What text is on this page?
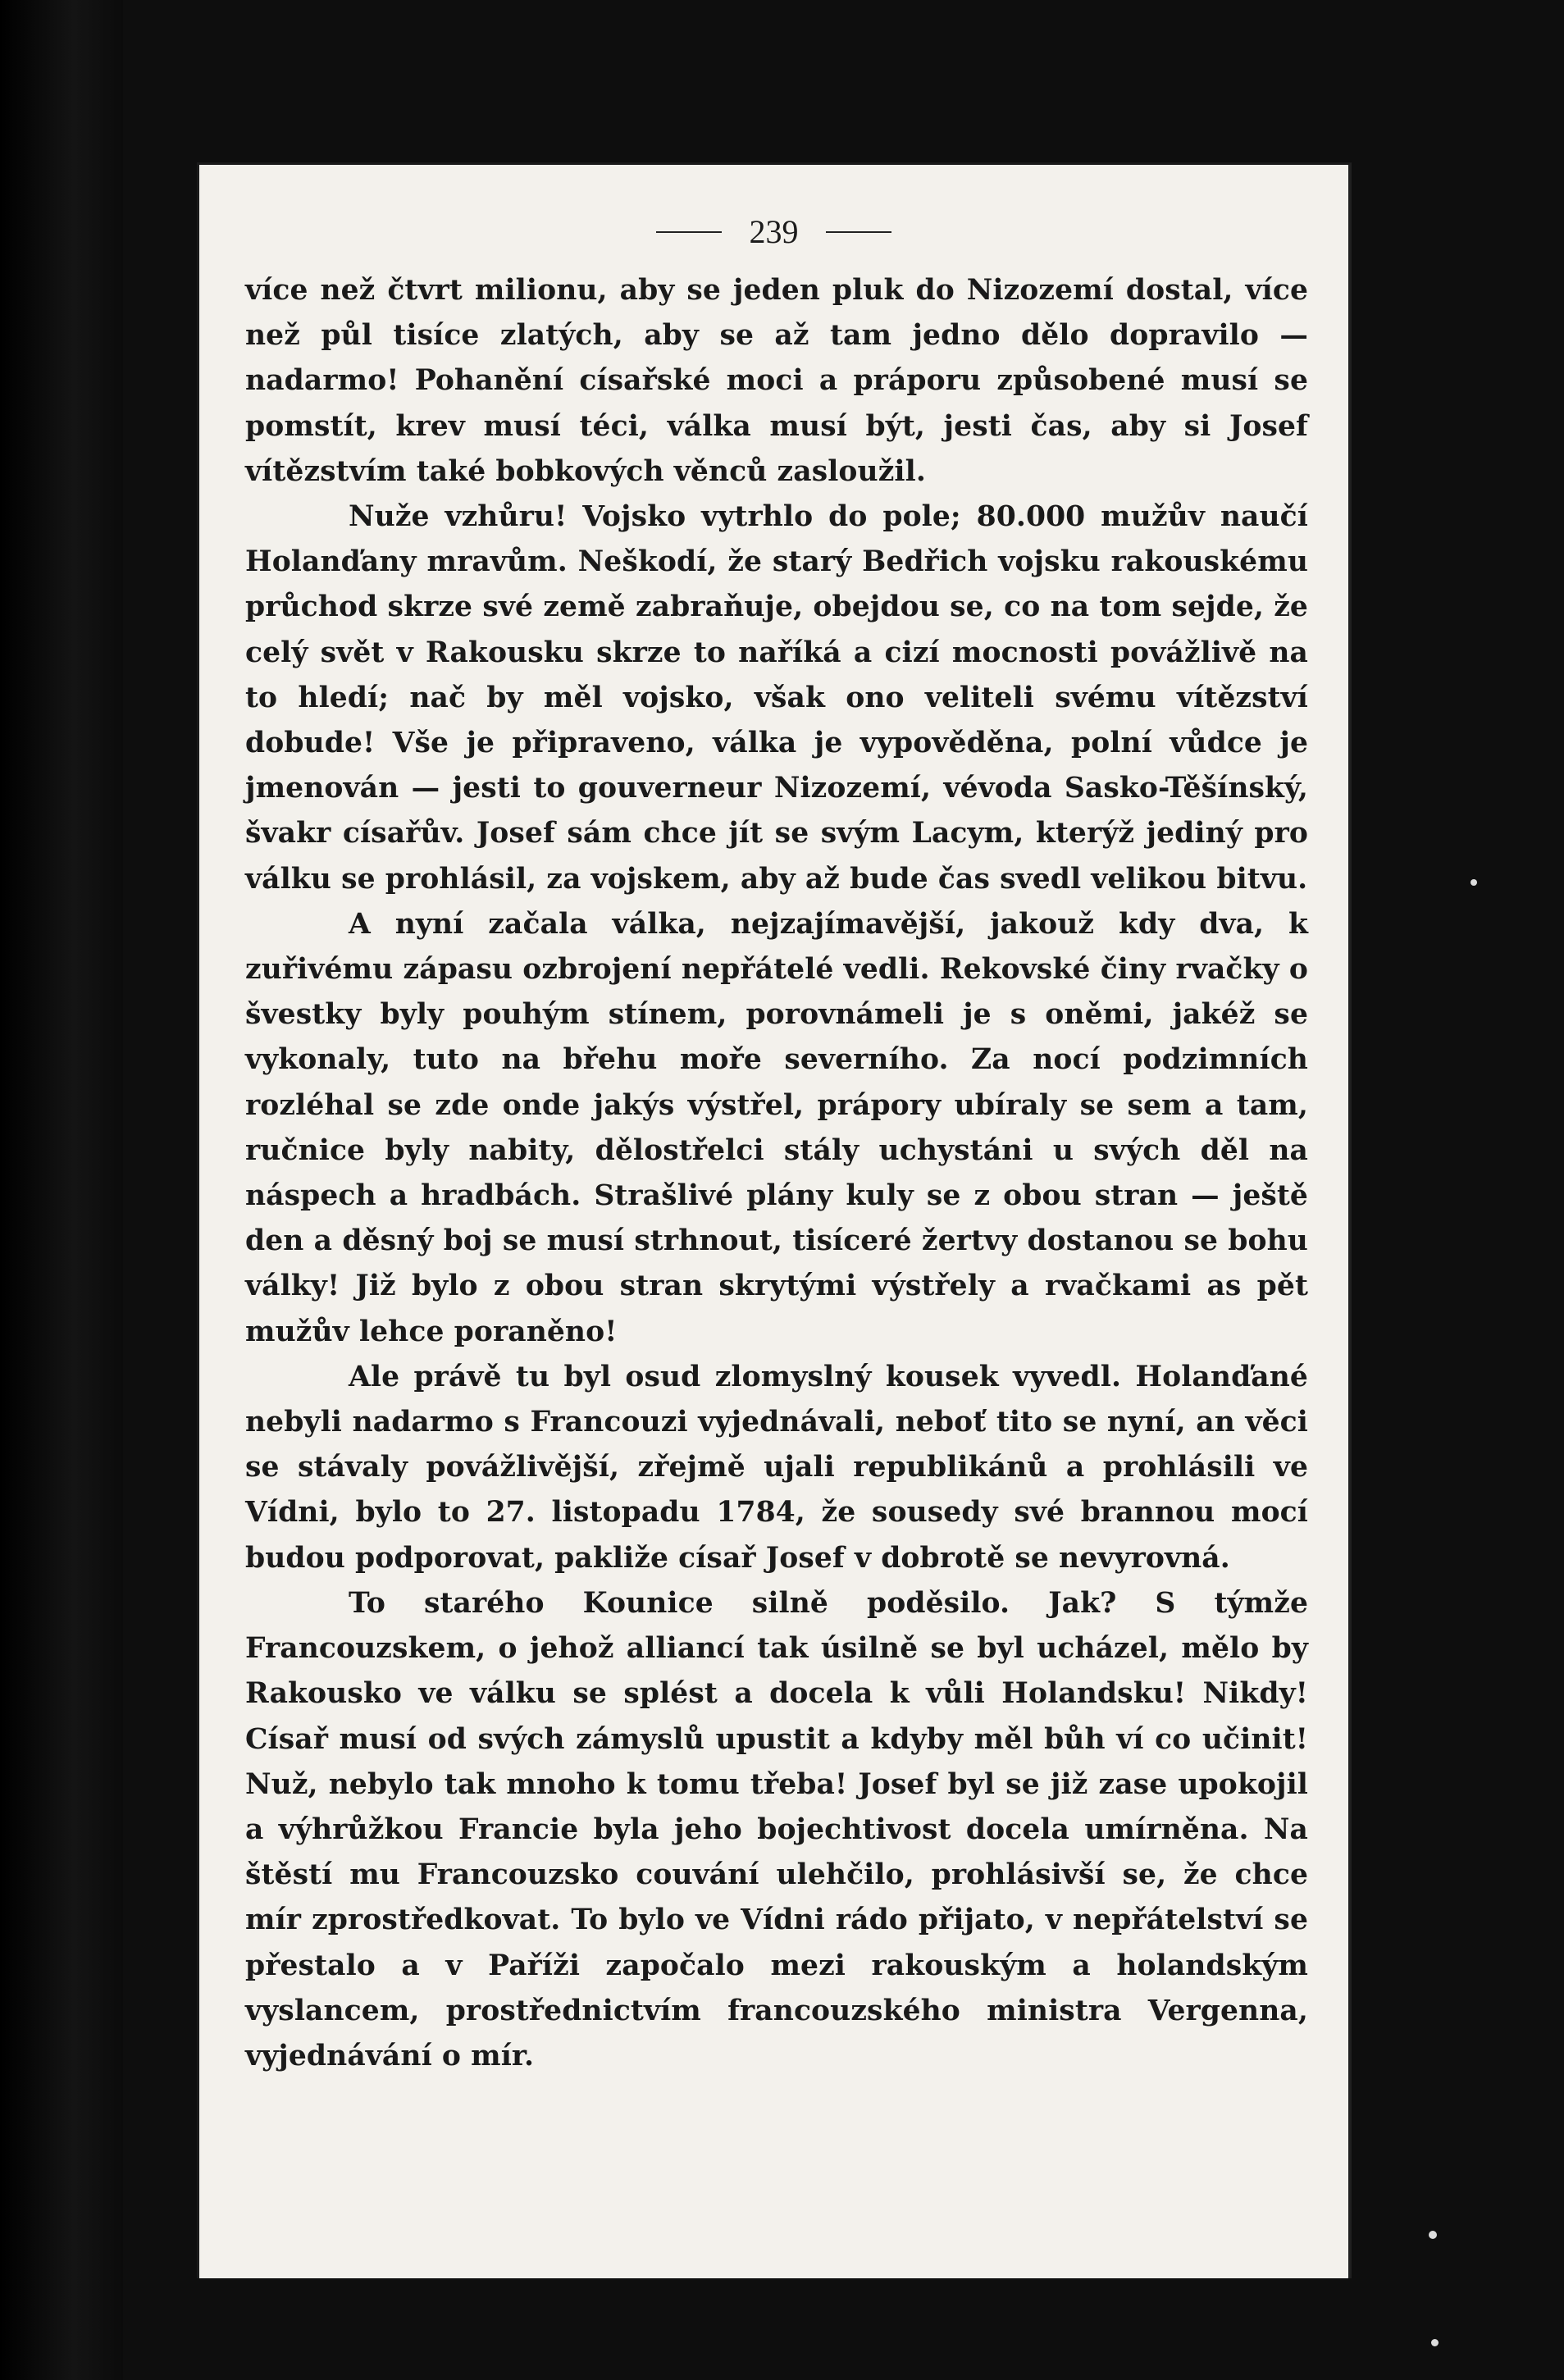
239

více než čtvrt milionu, aby se jeden pluk do Nizozemí dostal, více než půl tisíce zlatých, aby se až tam jedno dělo dopravilo — nadarmo! Pohanění císařské moci a práporu způsobené musí se pomstít, krev musí téci, válka musí být, jesti čas, aby si Josef vítězstvím také bobkových věnců zasloužil.

Nuže vzhůru! Vojsko vytrhlo do pole; 80.000 mužův naučí Holanďany mravům. Neškodí, že starý Bedřich vojsku rakouskému průchod skrze své země zabraňuje, obejdou se, co na tom sejde, že celý svět v Rakousku skrze to naříká a cizí mocnosti povážlivě na to hledí; nač by měl vojsko, však ono veliteli svému vítězství dobude! Vše je připraveno, válka je vypověděna, polní vůdce je jmenován — jesti to gouverneur Nizozemí, vévoda Sasko-Těšínský, švakr císařův. Josef sám chce jít se svým Lacym, kterýž jediný pro válku se prohlásil, za vojskem, aby až bude čas svedl velikou bitvu.

A nyní začala válka, nejzajímavější, jakouž kdy dva, k zuřivému zápasu ozbrojení nepřátelé vedli. Rekovské činy rvačky o švestky byly pouhým stínem, porovnámeli je s oněmi, jakéž se vykonaly, tuto na břehu moře severního. Za nocí podzimních rozléhal se zde onde jakýs výstřel, prápory ubíraly se sem a tam, ručnice byly nabity, dělostřelci stály uchystáni u svých děl na náspech a hradbách. Strašlivé plány kuly se z obou stran — ještě den a děsný boj se musí strhnout, tisíceré žertvy dostanou se bohu války! Již bylo z obou stran skrytými výstřely a rvačkami as pět mužův lehce poraněno!

Ale právě tu byl osud zlomyslný kousek vyvedl. Holanďané nebyli nadarmo s Francouzi vyjednávali, neboť tito se nyní, an věci se stávaly povážlivější, zřejmě ujali republikánů a prohlásili ve Vídni, bylo to 27. listopadu 1784, že sousedy své brannou mocí budou podporovat, pakliže císař Josef v dobrotě se nevyrovná.

To starého Kounice silně poděsilo. Jak? S týmže Francouzskem, o jehož alliancí tak úsilně se byl ucházel, mělo by Rakousko ve válku se splést a docela k vůli Holandsku! Nikdy! Císař musí od svých zámyslů upustit a kdyby měl bůh ví co učinit! Nuž, nebylo tak mnoho k tomu třeba! Josef byl se již zase upokojil a výhrůžkou Francie byla jeho bojechtivost docela umírněna. Na štěstí mu Francouzsko couvání ulehčilo, prohlásivší se, že chce mír zprostředkovat. To bylo ve Vídni rádo přijato, v nepřátelství se přestalo a v Paříži započalo mezi rakouským a holandským vyslancem, prostřednictvím francouzského ministra Vergenna, vyjednávání o mír.
